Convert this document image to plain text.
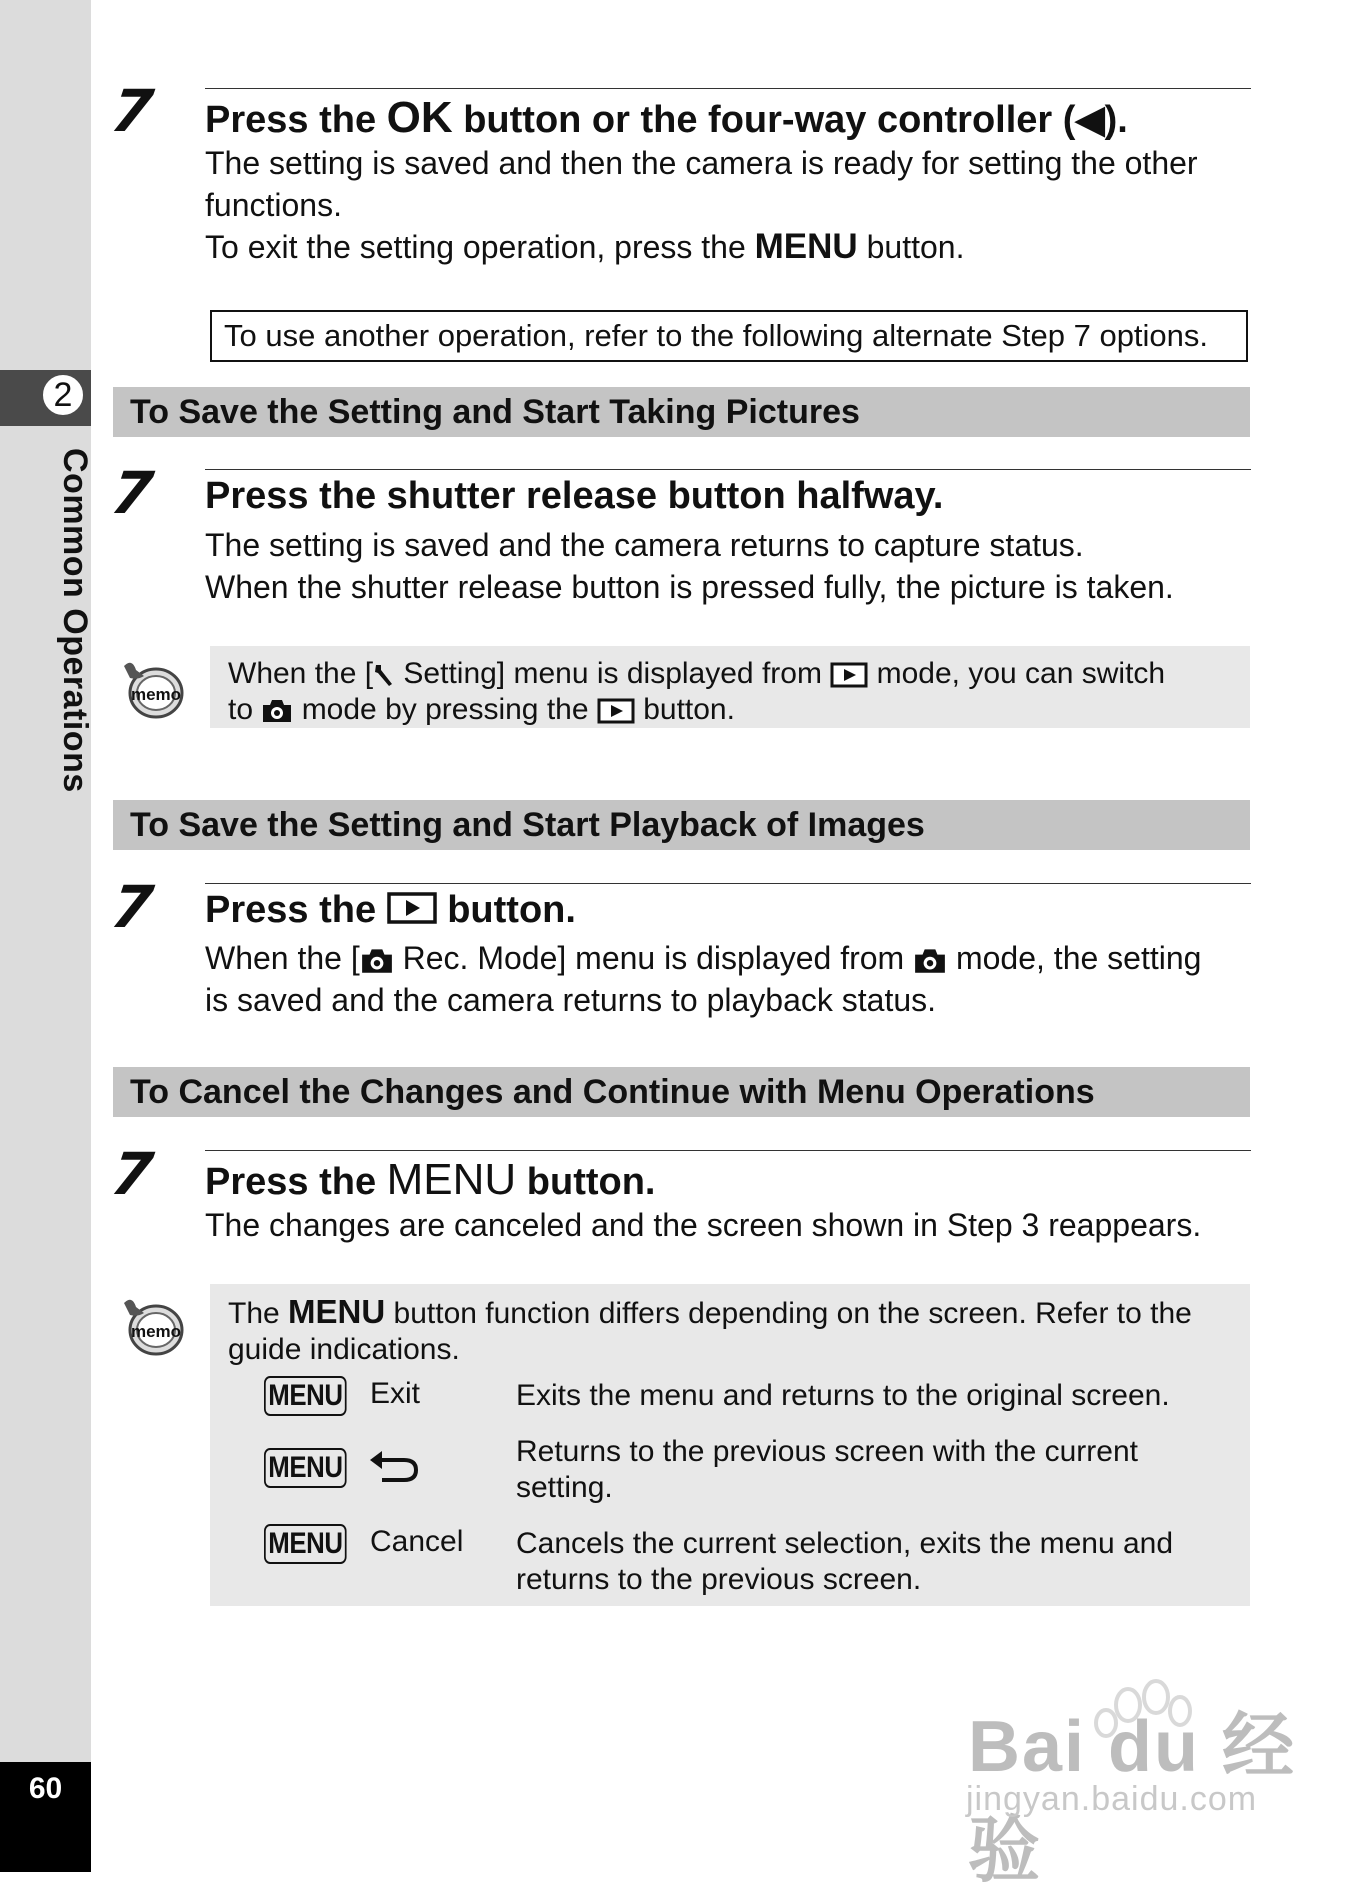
2
Common Operations
60
7 Press the OK button or the four-way controller (◀).

The setting is saved and then the camera is ready for setting the other functions.

To exit the setting operation, press the MENU button.

To use another operation, refer to the following alternate Step 7 options.
To Save the Setting and Start Taking Pictures
7 Press the shutter release button halfway.

The setting is saved and the camera returns to capture status.

When the shutter release button is pressed fully, the picture is taken.

memo
When the [ Setting] menu is displayed from  mode, you can switch
to  mode by pressing the  button.
To Save the Setting and Start Playback of Images
7 Press the  button.

When the [ Rec. Mode] menu is displayed from  mode, the setting

is saved and the camera returns to playback status.

To Cancel the Changes and Continue with Menu Operations
7 Press the MENU button.

The changes are canceled and the screen shown in Step 3 reappears.

memo
The MENU button function differs depending on the screen. Refer to the
guide indications.
MENU Exit	Exits the menu and returns to the original screen.
MENU	Returns to the previous screen with the current setting.
MENU Cancel Cancels the current selection, exits the menu and returns to the previous screen.
Bai du 经验
jingyan.baidu.com
